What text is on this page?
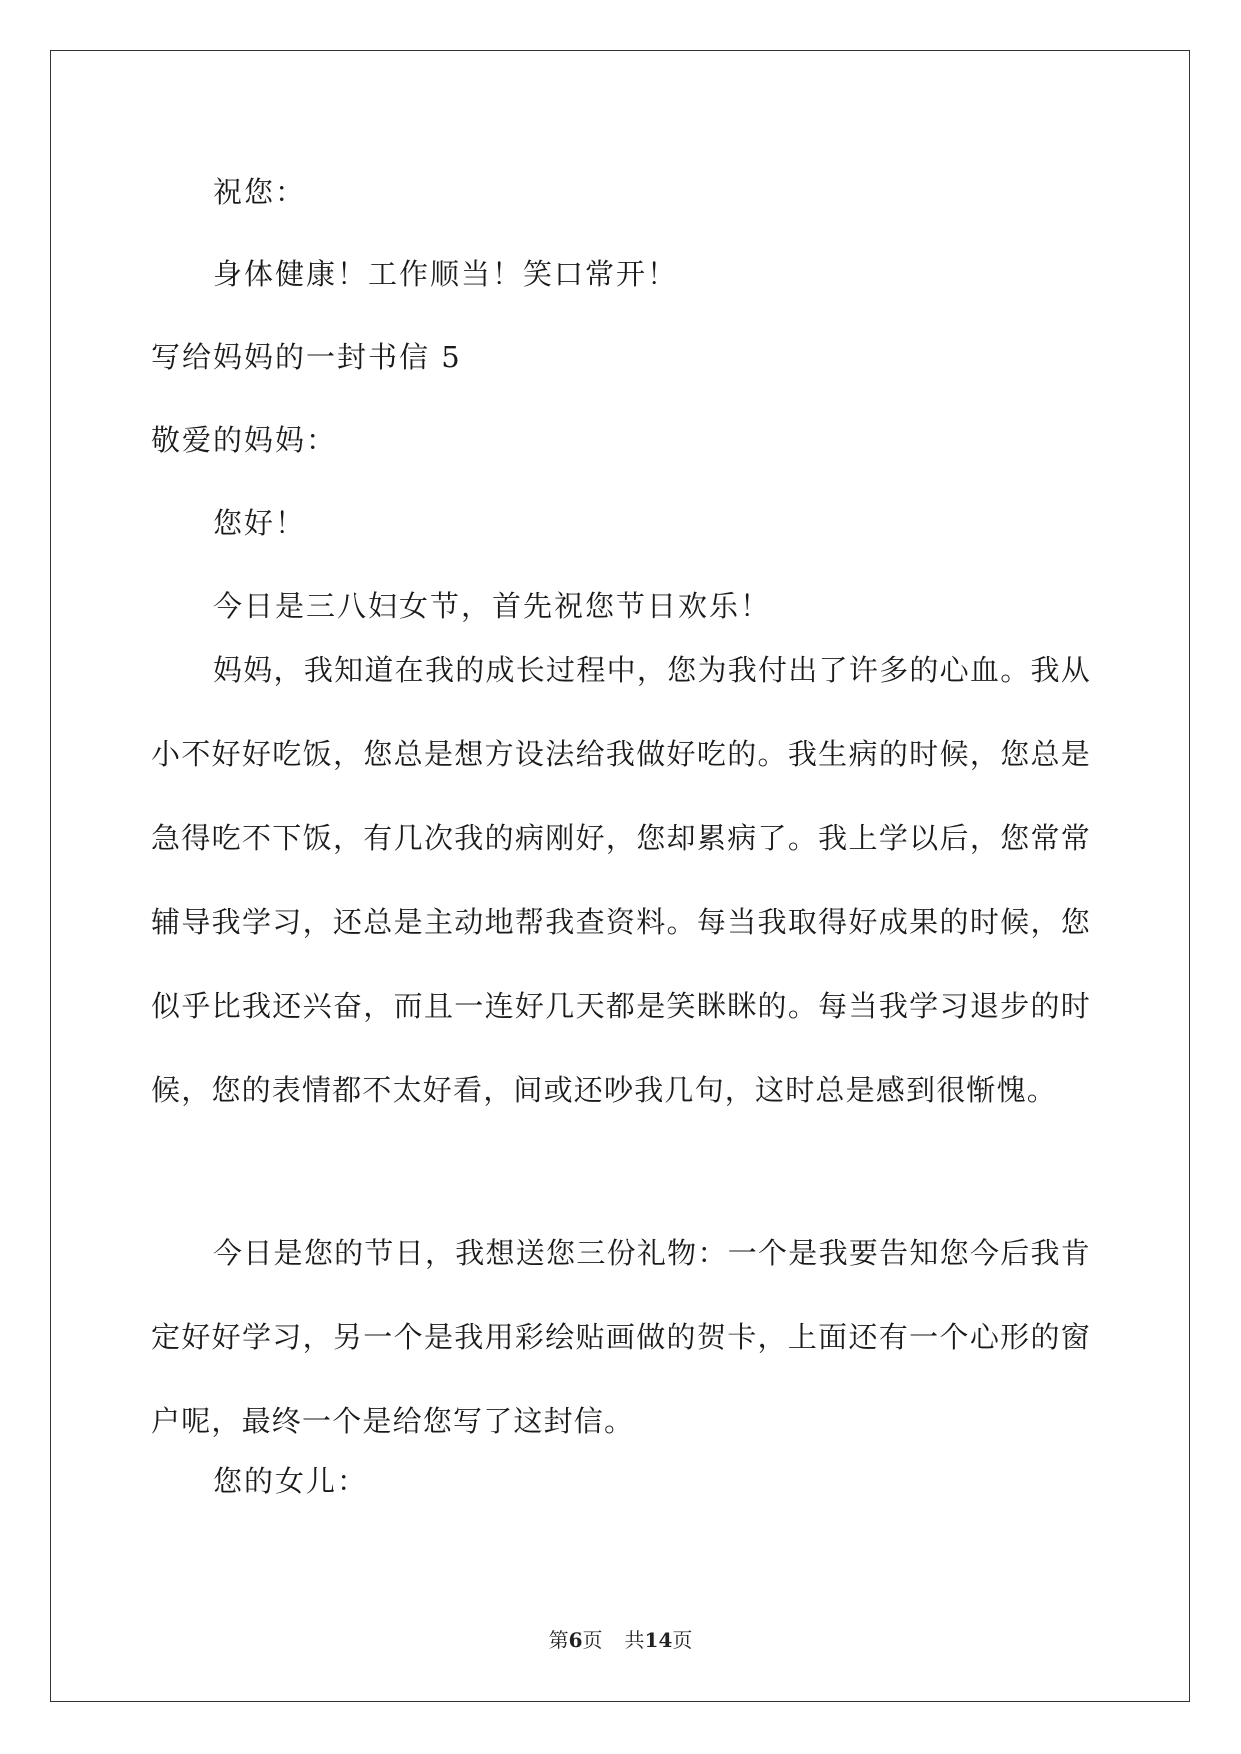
祝您：
身体健康！工作顺当！笑口常开！
写给妈妈的一封书信 5
敬爱的妈妈：
您好！
今日是三八妇女节，首先祝您节日欢乐！

妈妈，我知道在我的成长过程中，您为我付出了许多的心血。我从小不好好吃饭，您总是想方设法给我做好吃的。我生病的时候，您总是急得吃不下饭，有几次我的病刚好，您却累病了。我上学以后，您常常辅导我学习，还总是主动地帮我查资料。每当我取得好成果的时候，您似乎比我还兴奋，而且一连好几天都是笑眯眯的。每当我学习退步的时候，您的表情都不太好看，间或还吵我几句，这时总是感到很惭愧。

今日是您的节日，我想送您三份礼物：一个是我要告知您今后我肯定好好学习，另一个是我用彩绘贴画做的贺卡，上面还有一个心形的窗户呢，最终一个是给您写了这封信。

您的女儿：
第6页 共14页
